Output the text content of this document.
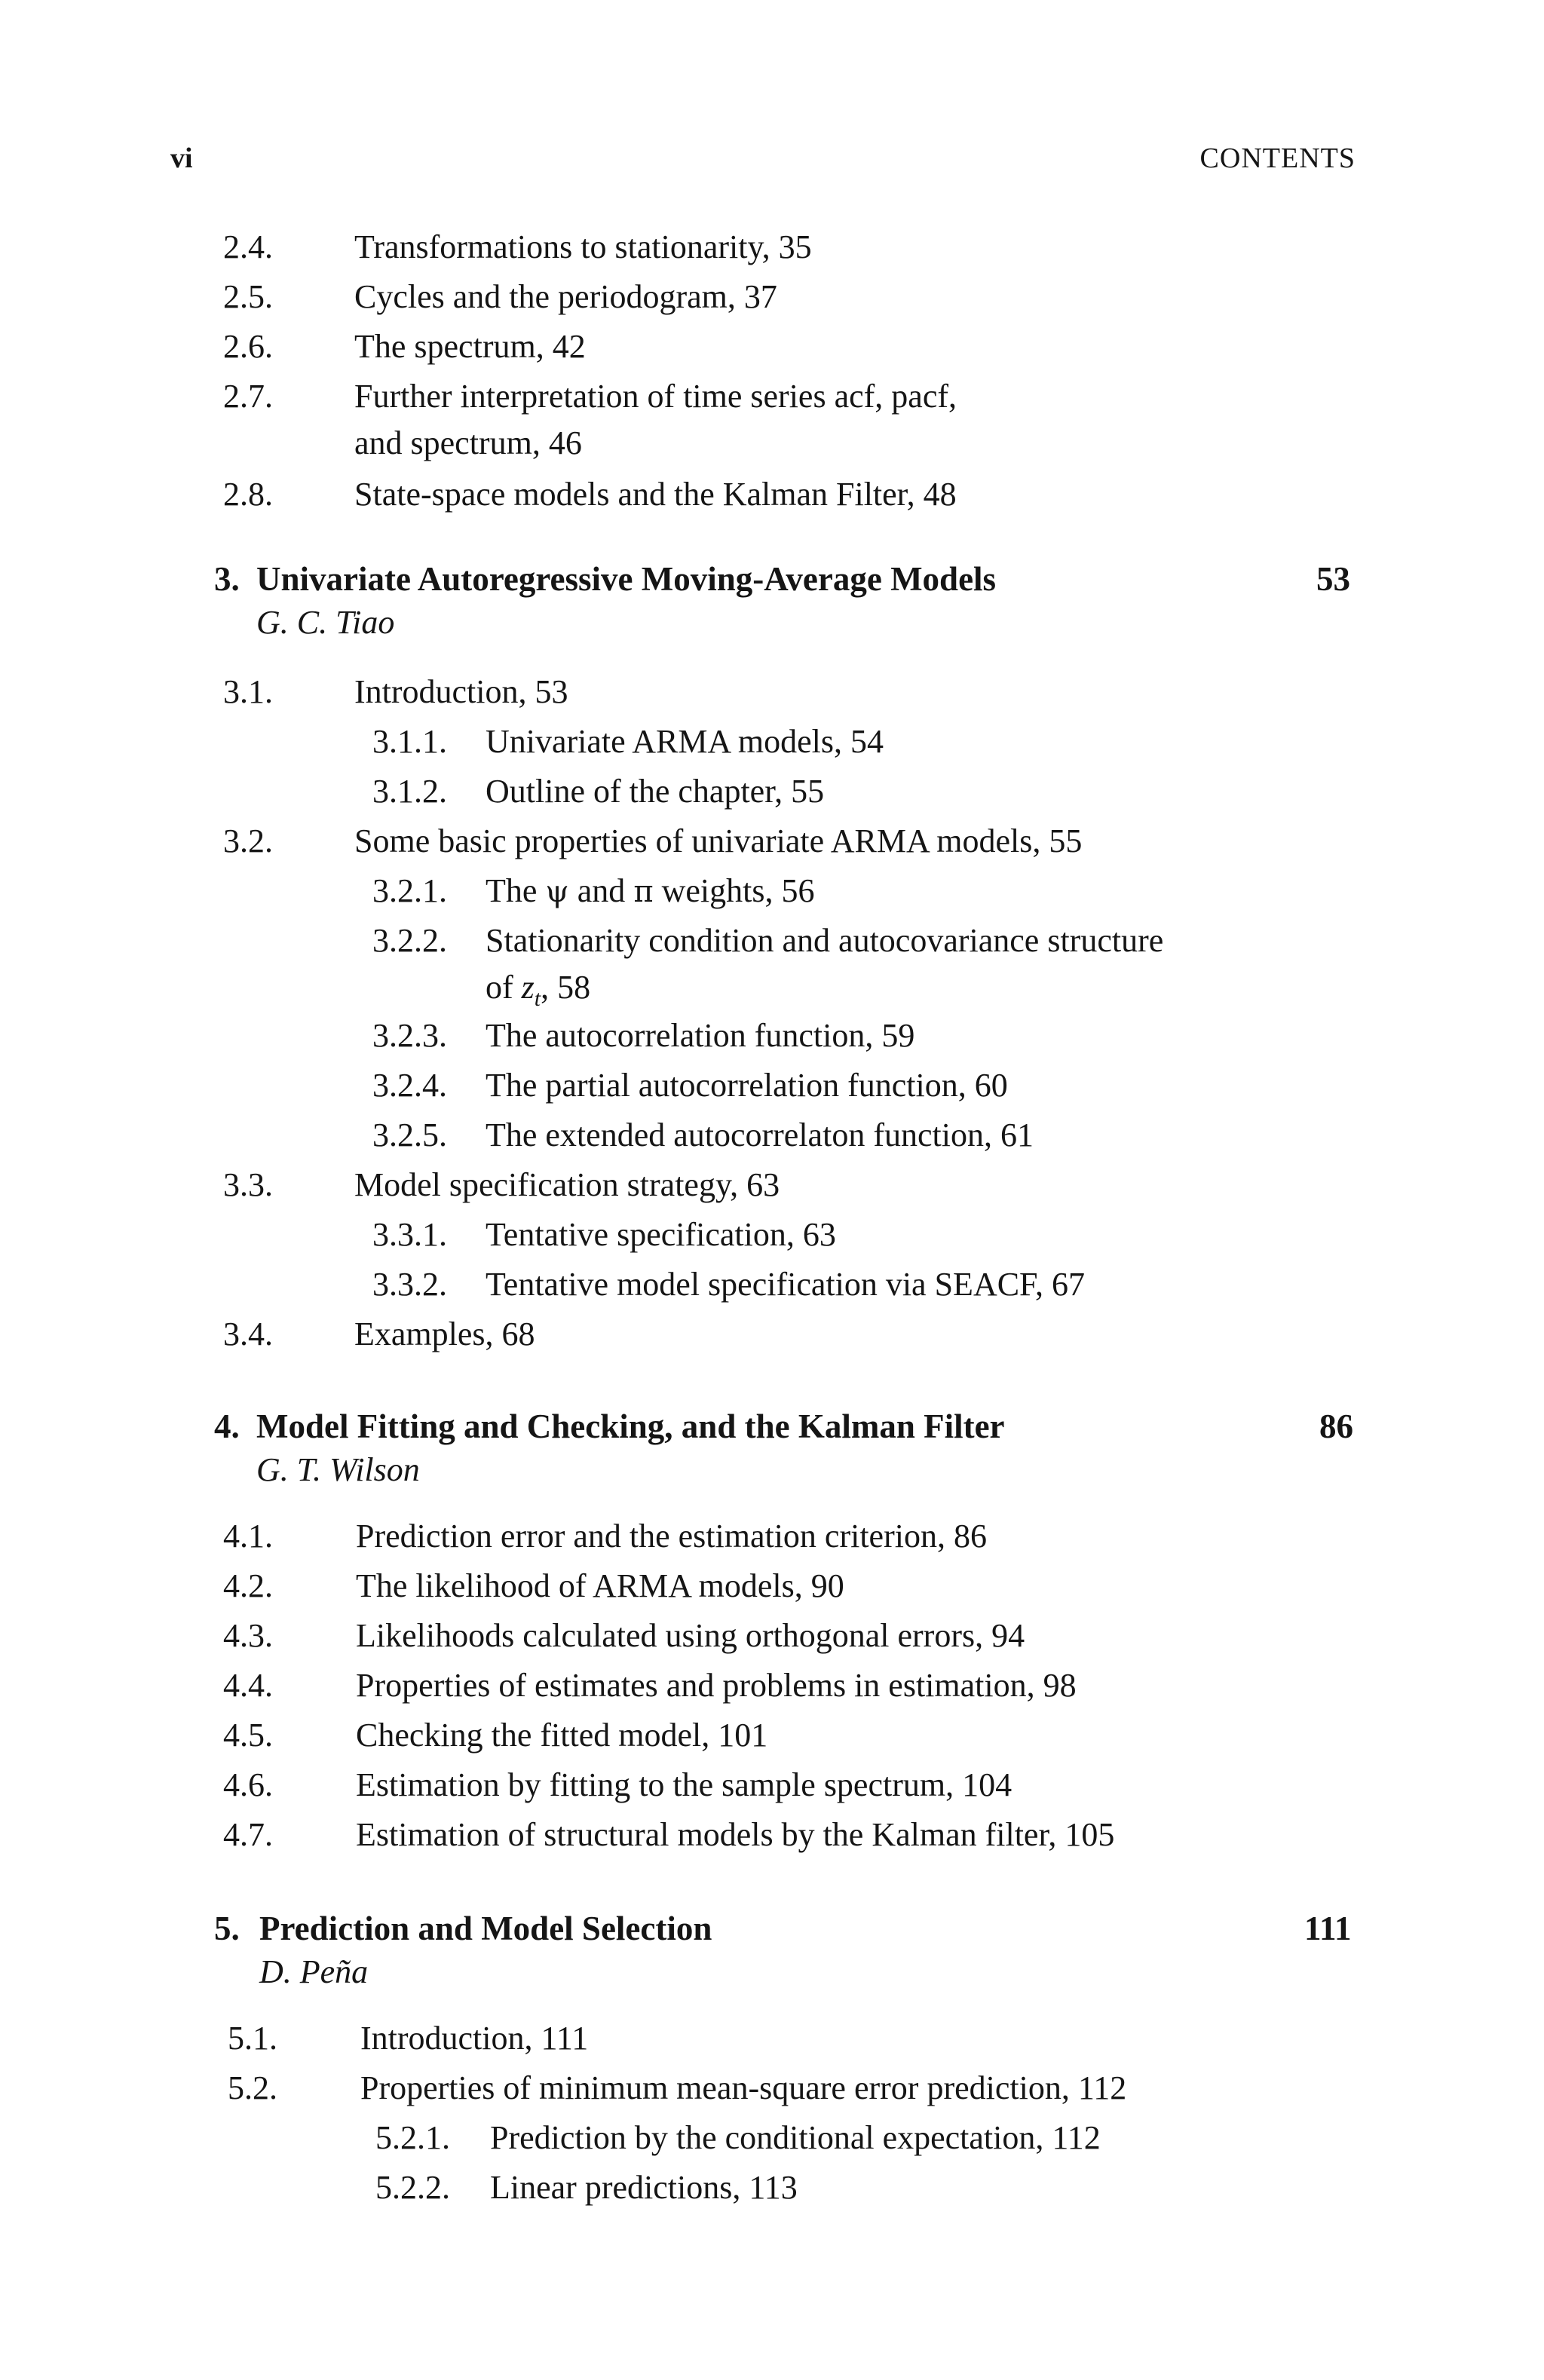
vi	CONTENTS
2.4. Transformations to stationarity, 35
2.5. Cycles and the periodogram, 37
2.6. The spectrum, 42
2.7. Further interpretation of time series acf, pacf,
and spectrum, 46
2.8. State-space models and the Kalman Filter, 48
3. Univariate Autoregressive Moving-Average Models	53
G. C. Tiao
3.1. Introduction, 53
3.1.1. Univariate ARMA models, 54
3.1.2. Outline of the chapter, 55
3.2. Some basic properties of univariate ARMA models, 55
3.2.1. The ψ and π weights, 56
3.2.2. Stationarity condition and autocovariance structure
of $z_t$, 58
3.2.3. The autocorrelation function, 59
3.2.4. The partial autocorrelation function, 60
3.2.5. The extended autocorrelaton function, 61
3.3. Model specification strategy, 63
3.3.1. Tentative specification, 63
3.3.2. Tentative model specification via SEACF, 67
3.4. Examples, 68
4. Model Fitting and Checking, and the Kalman Filter	86
G. T. Wilson
4.1.	Prediction error and the estimation criterion, 86
4.2.	The likelihood of ARMA models, 90
4.3.	Likelihoods calculated using orthogonal errors, 94
4.4.	Properties of estimates and problems in estimation, 98
4.5.	Checking the fitted model, 101
4.6.	Estimation by fitting to the sample spectrum, 104
4.7.	Estimation of structural models by the Kalman filter, 105
5. Prediction and Model Selection	111
D. Peña
5.1.	Introduction, 111
5.2.	Properties of minimum mean-square error prediction, 112
5.2.1. Prediction by the conditional expectation, 112
5.2.2. Linear predictions, 113
